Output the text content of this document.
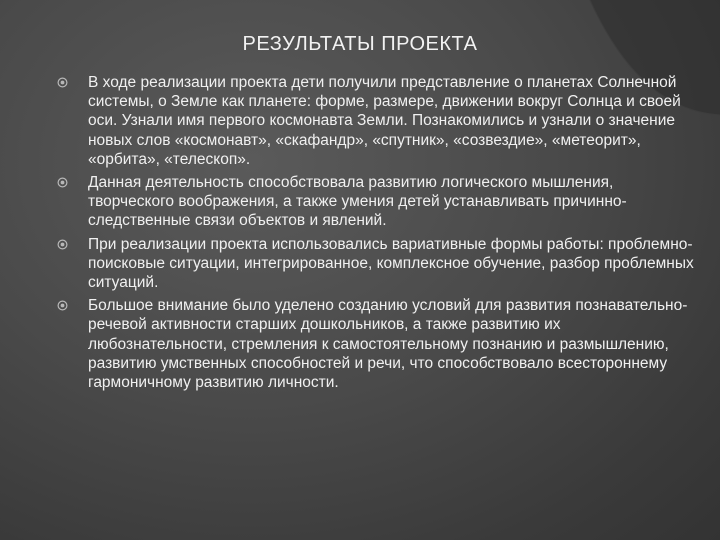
РЕЗУЛЬТАТЫ ПРОЕКТА
В ходе реализации проекта дети получили представление о планетах Солнечной системы, о Земле как планете: форме, размере, движении вокруг Солнца и своей оси. Узнали имя первого космонавта Земли. Познакомились и узнали о значение новых слов «космонавт», «скафандр», «спутник», «созвездие», «метеорит», «орбита», «телескоп».
Данная деятельность способствовала развитию логического мышления, творческого воображения, а также умения детей устанавливать причинно-следственные связи объектов и явлений.
При реализации проекта использовались вариативные формы работы: проблемно-поисковые ситуации, интегрированное, комплексное обучение, разбор проблемных ситуаций.
Большое внимание было уделено созданию условий для развития познавательно-речевой активности старших дошкольников, а также развитию их любознательности, стремления к самостоятельному познанию и размышлению, развитию умственных способностей и речи, что способствовало всестороннему гармоничному развитию личности.
